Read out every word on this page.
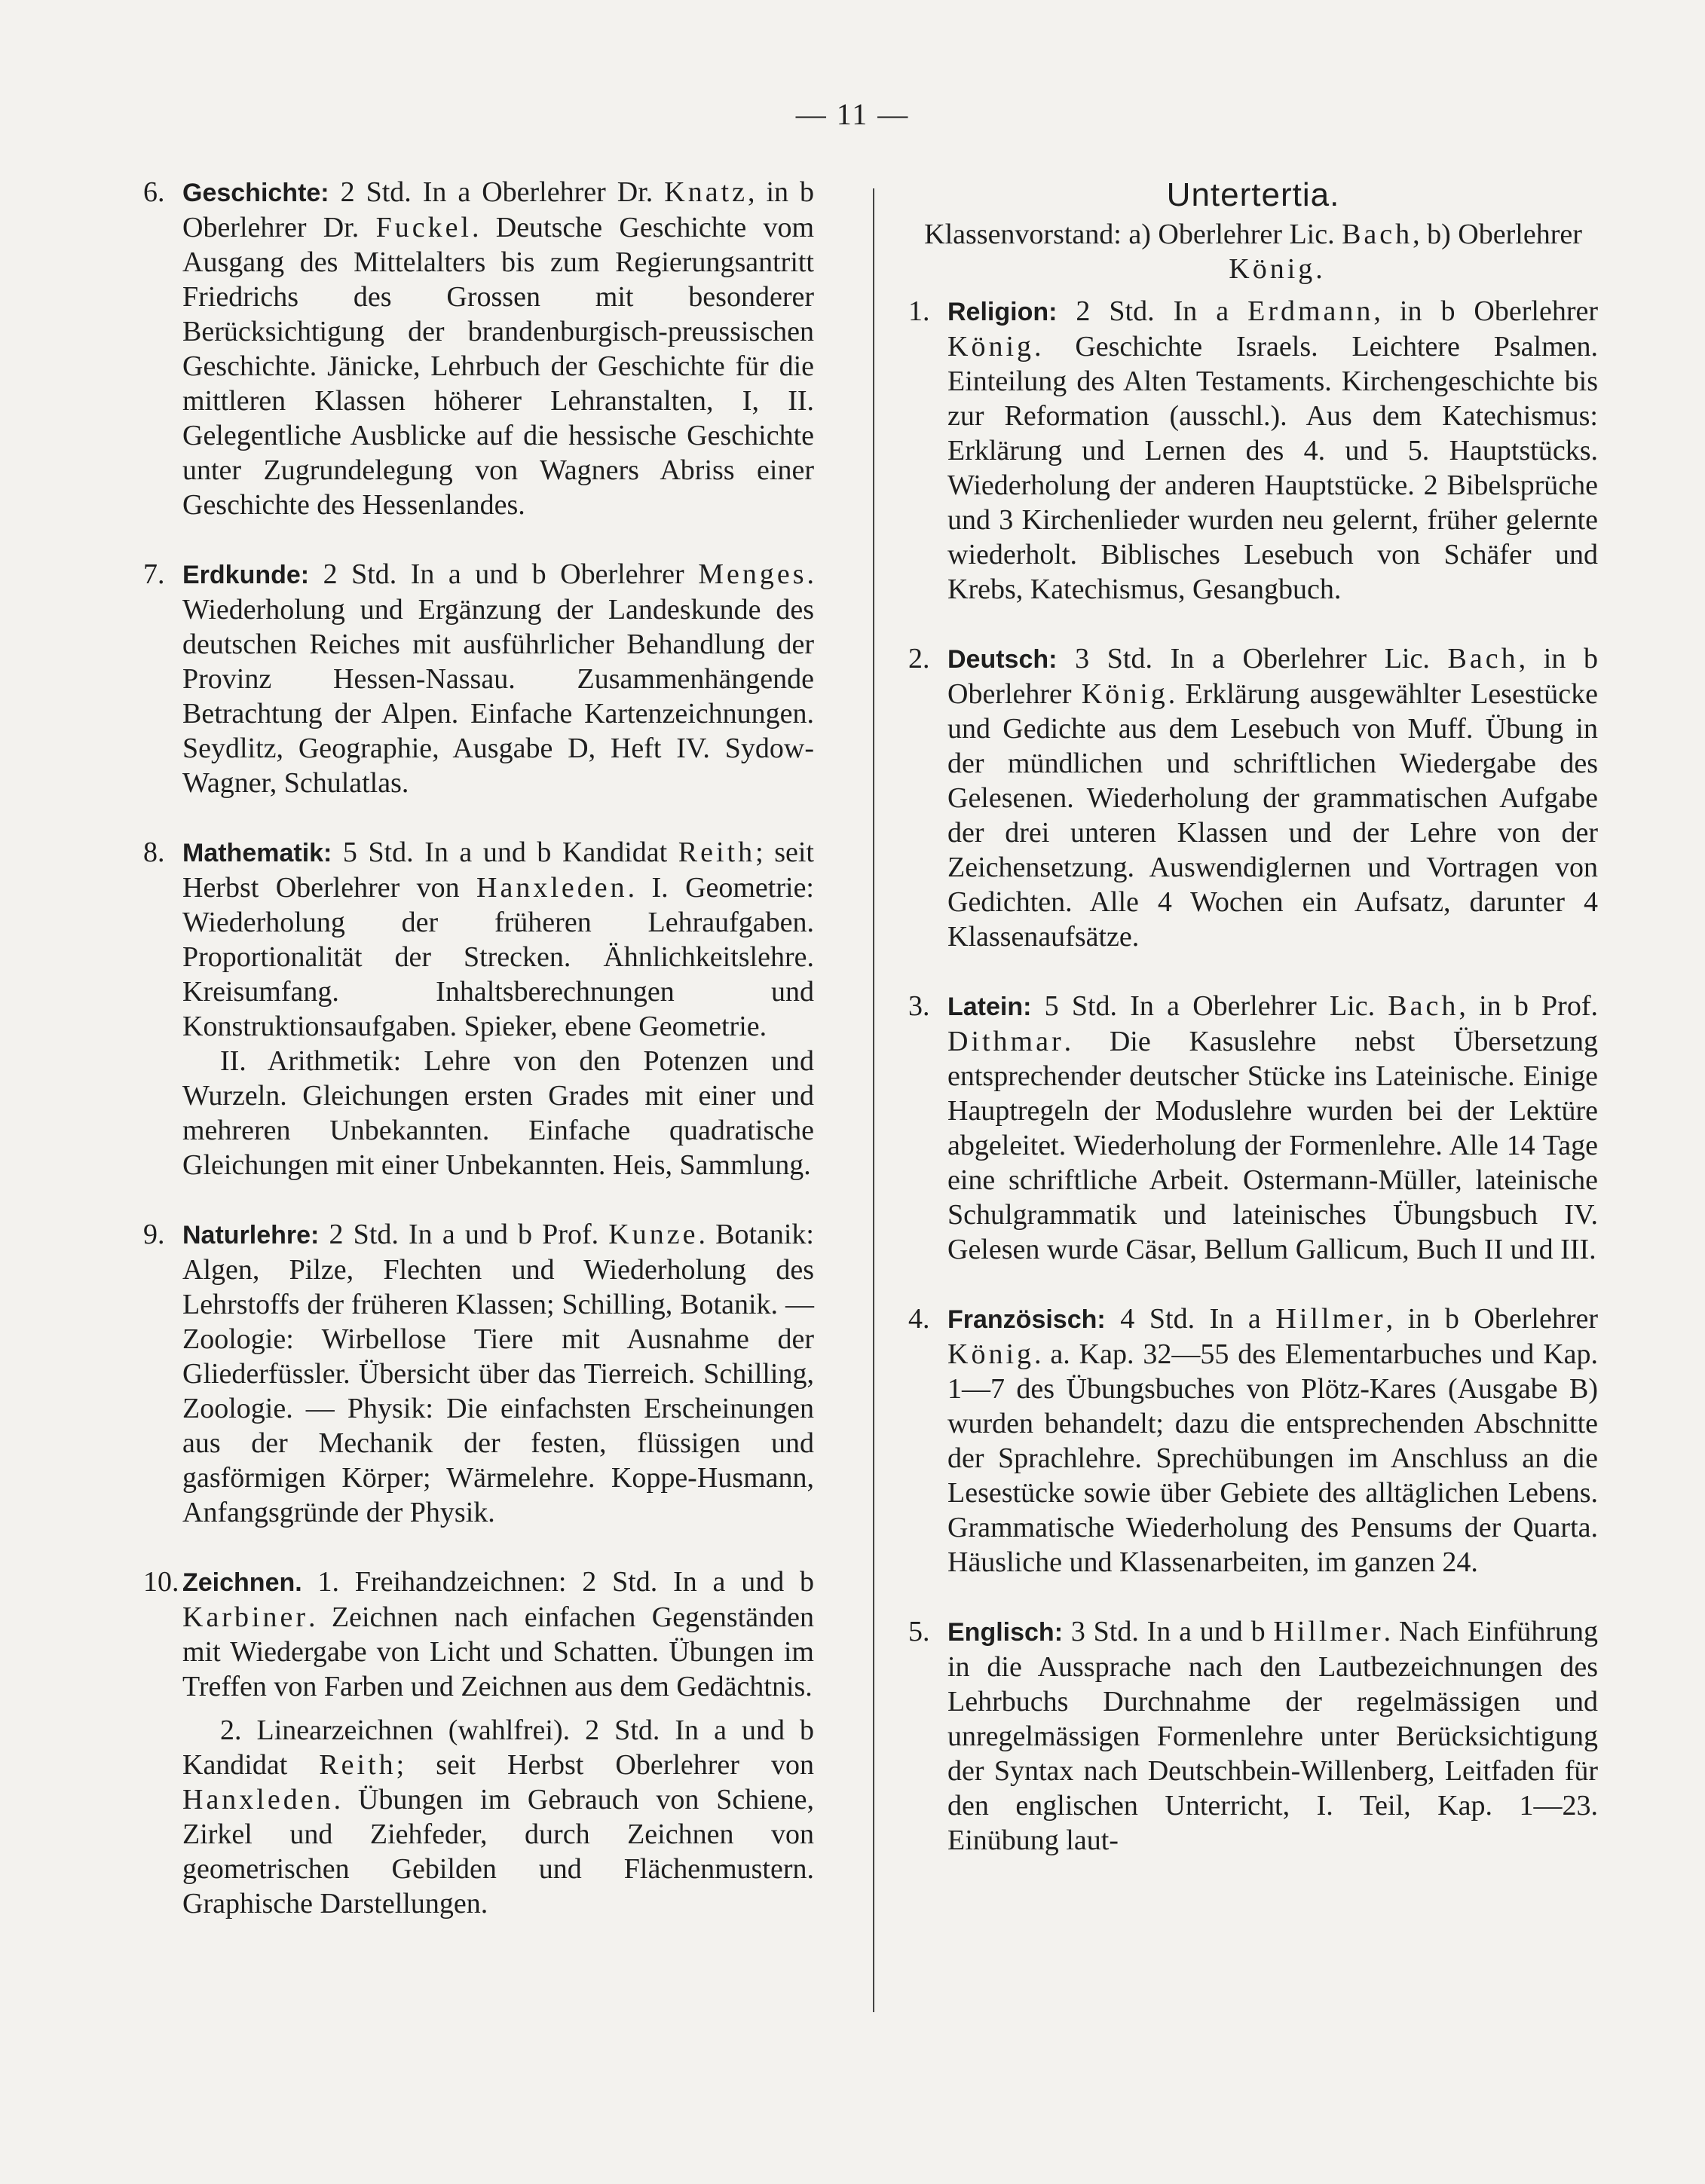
— 11 —

6. Geschichte: 2 Std. In a Oberlehrer Dr. Knatz, in b Oberlehrer Dr. Fuckel. Deutsche Geschichte vom Ausgang des Mittelalters bis zum Regierungsantritt Friedrichs des Grossen mit besonderer Berücksichtigung der brandenburgisch-preussischen Geschichte. Jänicke, Lehrbuch der Geschichte für die mittleren Klassen höherer Lehranstalten, I, II. Gelegentliche Ausblicke auf die hessische Geschichte unter Zugrundelegung von Wagners Abriss einer Geschichte des Hessenlandes.

7. Erdkunde: 2 Std. In a und b Oberlehrer Menges. Wiederholung und Ergänzung der Landeskunde des deutschen Reiches mit ausführlicher Behandlung der Provinz Hessen-Nassau. Zusammenhängende Betrachtung der Alpen. Einfache Kartenzeichnungen. Seydlitz, Geographie, Ausgabe D, Heft IV. Sydow-Wagner, Schulatlas.

8. Mathematik: 5 Std. In a und b Kandidat Reith; seit Herbst Oberlehrer von Hanxleden. I. Geometrie: Wiederholung der früheren Lehraufgaben. Proportionalität der Strecken. Ähnlichkeitslehre. Kreisumfang. Inhaltsberechnungen und Konstruktionsaufgaben. Spieker, ebene Geometrie.

II. Arithmetik: Lehre von den Potenzen und Wurzeln. Gleichungen ersten Grades mit einer und mehreren Unbekannten. Einfache quadratische Gleichungen mit einer Unbekannten. Heis, Sammlung.

9. Naturlehre: 2 Std. In a und b Prof. Kunze. Botanik: Algen, Pilze, Flechten und Wiederholung des Lehrstoffs der früheren Klassen; Schilling, Botanik. — Zoologie: Wirbellose Tiere mit Ausnahme der Gliederfüssler. Übersicht über das Tierreich. Schilling, Zoologie. — Physik: Die einfachsten Erscheinungen aus der Mechanik der festen, flüssigen und gasförmigen Körper; Wärmelehre. Koppe-Husmann, Anfangsgründe der Physik.

10. Zeichnen. 1. Freihandzeichnen: 2 Std. In a und b Karbiner. Zeichnen nach einfachen Gegenständen mit Wiedergabe von Licht und Schatten. Übungen im Treffen von Farben und Zeichnen aus dem Gedächtnis.

2. Linearzeichnen (wahlfrei). 2 Std. In a und b Kandidat Reith; seit Herbst Oberlehrer von Hanxleden. Übungen im Gebrauch von Schiene, Zirkel und Ziehfeder, durch Zeichnen von geometrischen Gebilden und Flächenmustern. Graphische Darstellungen.

Untertertia.

Klassenvorstand: a) Oberlehrer Lic. Bach, b) Oberlehrer König.

1. Religion: 2 Std. In a Erdmann, in b Oberlehrer König. Geschichte Israels. Leichtere Psalmen. Einteilung des Alten Testaments. Kirchengeschichte bis zur Reformation (ausschl.). Aus dem Katechismus: Erklärung und Lernen des 4. und 5. Hauptstücks. Wiederholung der anderen Hauptstücke. 2 Bibelsprüche und 3 Kirchenlieder wurden neu gelernt, früher gelernte wiederholt. Biblisches Lesebuch von Schäfer und Krebs, Katechismus, Gesangbuch.

2. Deutsch: 3 Std. In a Oberlehrer Lic. Bach, in b Oberlehrer König. Erklärung ausgewählter Lesestücke und Gedichte aus dem Lesebuch von Muff. Übung in der mündlichen und schriftlichen Wiedergabe des Gelesenen. Wiederholung der grammatischen Aufgabe der drei unteren Klassen und der Lehre von der Zeichensetzung. Auswendiglernen und Vortragen von Gedichten. Alle 4 Wochen ein Aufsatz, darunter 4 Klassenaufsätze.

3. Latein: 5 Std. In a Oberlehrer Lic. Bach, in b Prof. Dithmar. Die Kasuslehre nebst Übersetzung entsprechender deutscher Stücke ins Lateinische. Einige Hauptregeln der Moduslehre wurden bei der Lektüre abgeleitet. Wiederholung der Formenlehre. Alle 14 Tage eine schriftliche Arbeit. Ostermann-Müller, lateinische Schulgrammatik und lateinisches Übungsbuch IV. Gelesen wurde Cäsar, Bellum Gallicum, Buch II und III.

4. Französisch: 4 Std. In a Hillmer, in b Oberlehrer König. a. Kap. 32—55 des Elementarbuches und Kap. 1—7 des Übungsbuches von Plötz-Kares (Ausgabe B) wurden behandelt; dazu die entsprechenden Abschnitte der Sprachlehre. Sprechübungen im Anschluss an die Lesestücke sowie über Gebiete des alltäglichen Lebens. Grammatische Wiederholung des Pensums der Quarta. Häusliche und Klassenarbeiten, im ganzen 24.

5. Englisch: 3 Std. In a und b Hillmer. Nach Einführung in die Aussprache nach den Lautbezeichnungen des Lehrbuchs Durchnahme der regelmässigen und unregelmässigen Formenlehre unter Berücksichtigung der Syntax nach Deutschbein-Willenberg, Leitfaden für den englischen Unterricht, I. Teil, Kap. 1—23. Einübung laut-
